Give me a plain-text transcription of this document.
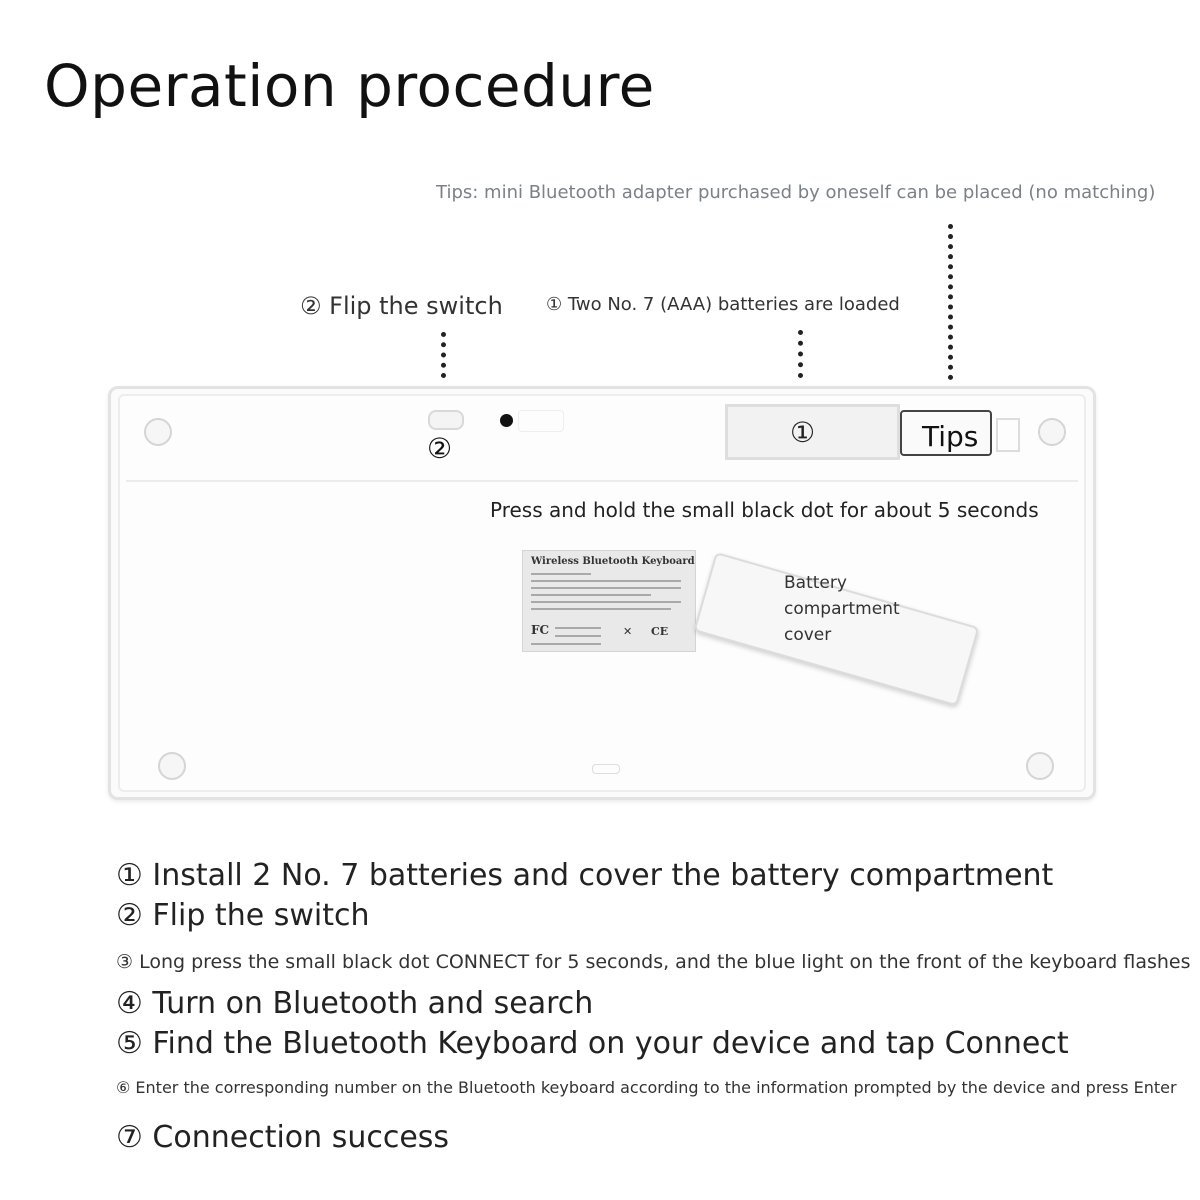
Operation procedure
Tips: mini Bluetooth adapter purchased by oneself can be placed (no matching)
② Flip the switch ① Two No. 7 (AAA) batteries are loaded
②	①	Tips
Press and hold the small black dot for about 5 seconds
Wireless Bluetooth Keyboard
FC	✕ CE
Battery
compartment
cover
① Install 2 No. 7 batteries and cover the battery compartment
② Flip the switch
③ Long press the small black dot CONNECT for 5 seconds, and the blue light on the front of the keyboard flashes
④ Turn on Bluetooth and search
⑤ Find the Bluetooth Keyboard on your device and tap Connect
⑥ Enter the corresponding number on the Bluetooth keyboard according to the information prompted by the device and press Enter
⑦ Connection success
